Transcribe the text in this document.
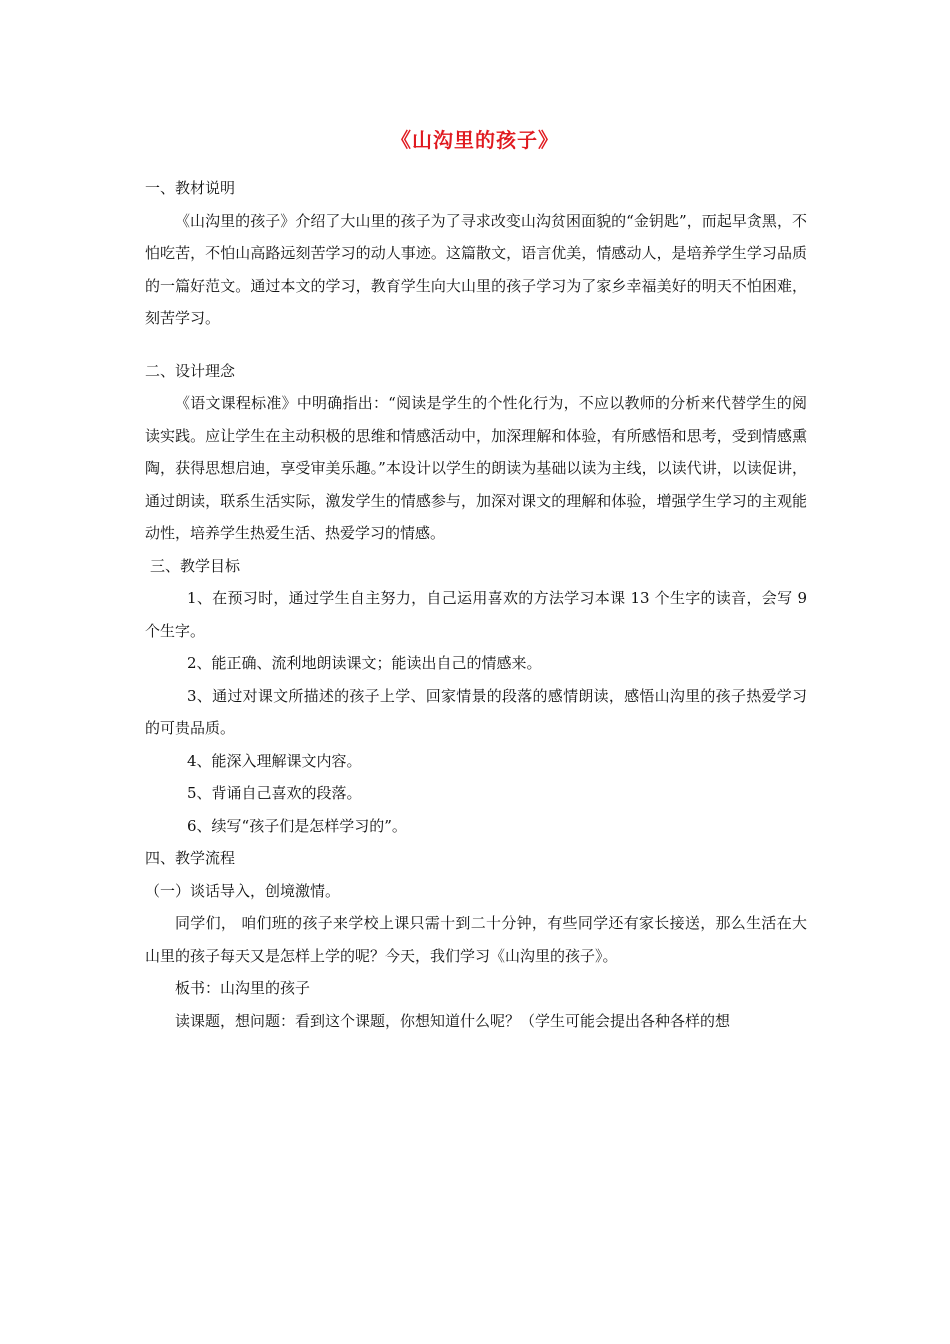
《山沟里的孩子》

一、教材说明

《山沟里的孩子》介绍了大山里的孩子为了寻求改变山沟贫困面貌的“金钥匙”，而起早贪黑，不怕吃苦，不怕山高路远刻苦学习的动人事迹。这篇散文，语言优美，情感动人，是培养学生学习品质的一篇好范文。通过本文的学习，教育学生向大山里的孩子学习为了家乡幸福美好的明天不怕困难，刻苦学习。

二、设计理念

《语文课程标准》中明确指出：“阅读是学生的个性化行为，不应以教师的分析来代替学生的阅读实践。应让学生在主动积极的思维和情感活动中，加深理解和体验，有所感悟和思考，受到情感熏陶，获得思想启迪，享受审美乐趣。”本设计以学生的朗读为基础以读为主线，以读代讲，以读促讲，通过朗读，联系生活实际，激发学生的情感参与，加深对课文的理解和体验，增强学生学习的主观能动性，培养学生热爱生活、热爱学习的情感。

三、教学目标

1、在预习时，通过学生自主努力，自己运用喜欢的方法学习本课 13 个生字的读音，会写 9 个生字。

2、能正确、流利地朗读课文；能读出自己的情感来。

3、通过对课文所描述的孩子上学、回家情景的段落的感情朗读，感悟山沟里的孩子热爱学习的可贵品质。

4、能深入理解课文内容。

5、背诵自己喜欢的段落。

6、续写“孩子们是怎样学习的”。

四、教学流程

（一）谈话导入，创境激情。

同学们， 咱们班的孩子来学校上课只需十到二十分钟，有些同学还有家长接送，那么生活在大山里的孩子每天又是怎样上学的呢？今天，我们学习《山沟里的孩子》。

板书：山沟里的孩子

读课题，想问题：看到这个课题，你想知道什么呢？（学生可能会提出各种各样的想
